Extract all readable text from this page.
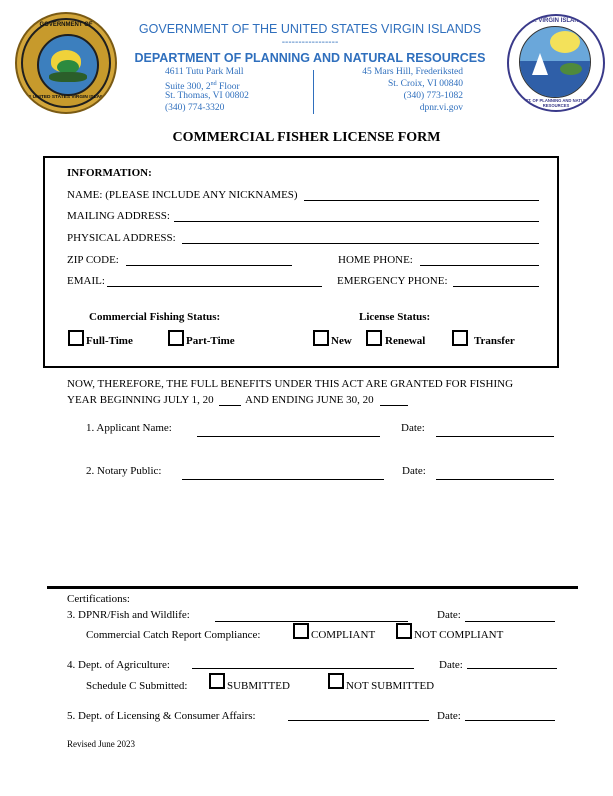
GOVERNMENT OF
THE UNITED STATES VIRGIN ISLANDS
U.S. VIRGIN ISLANDS
DEPT. OF PLANNING AND NATURAL RESOURCES
GOVERNMENT OF THE UNITED STATES VIRGIN ISLANDS
-----------------
DEPARTMENT OF PLANNING AND NATURAL RESOURCES
4611 Tutu Park Mall
Suite 300, 2nd Floor
St. Thomas, VI 00802
(340) 774-3320
45 Mars Hill, Frederiksted
St. Croix, VI 00840
(340) 773-1082
dpnr.vi.gov
COMMERCIAL FISHER LICENSE FORM
INFORMATION:
NAME: (PLEASE INCLUDE ANY NICKNAMES)
MAILING ADDRESS:
PHYSICAL ADDRESS:
ZIP CODE:	HOME PHONE:
EMAIL:	EMERGENCY PHONE:
Commercial Fishing Status:	License Status:
Full-Time	Part-Time	New	Renewal	Transfer
NOW, THEREFORE, THE FULL BENEFITS UNDER THIS ACT ARE GRANTED FOR FISHING
YEAR BEGINNING JULY 1, 20	AND ENDING JUNE 30, 20
1. Applicant Name:	Date:
2. Notary Public:	Date:
Certifications:
3. DPNR/Fish and Wildlife:	Date:
Commercial Catch Report Compliance:	COMPLIANT	NOT COMPLIANT
4. Dept. of Agriculture:	Date:
Schedule C Submitted:	SUBMITTED	NOT SUBMITTED
5. Dept. of Licensing & Consumer Affairs:	Date:
Revised June 2023
